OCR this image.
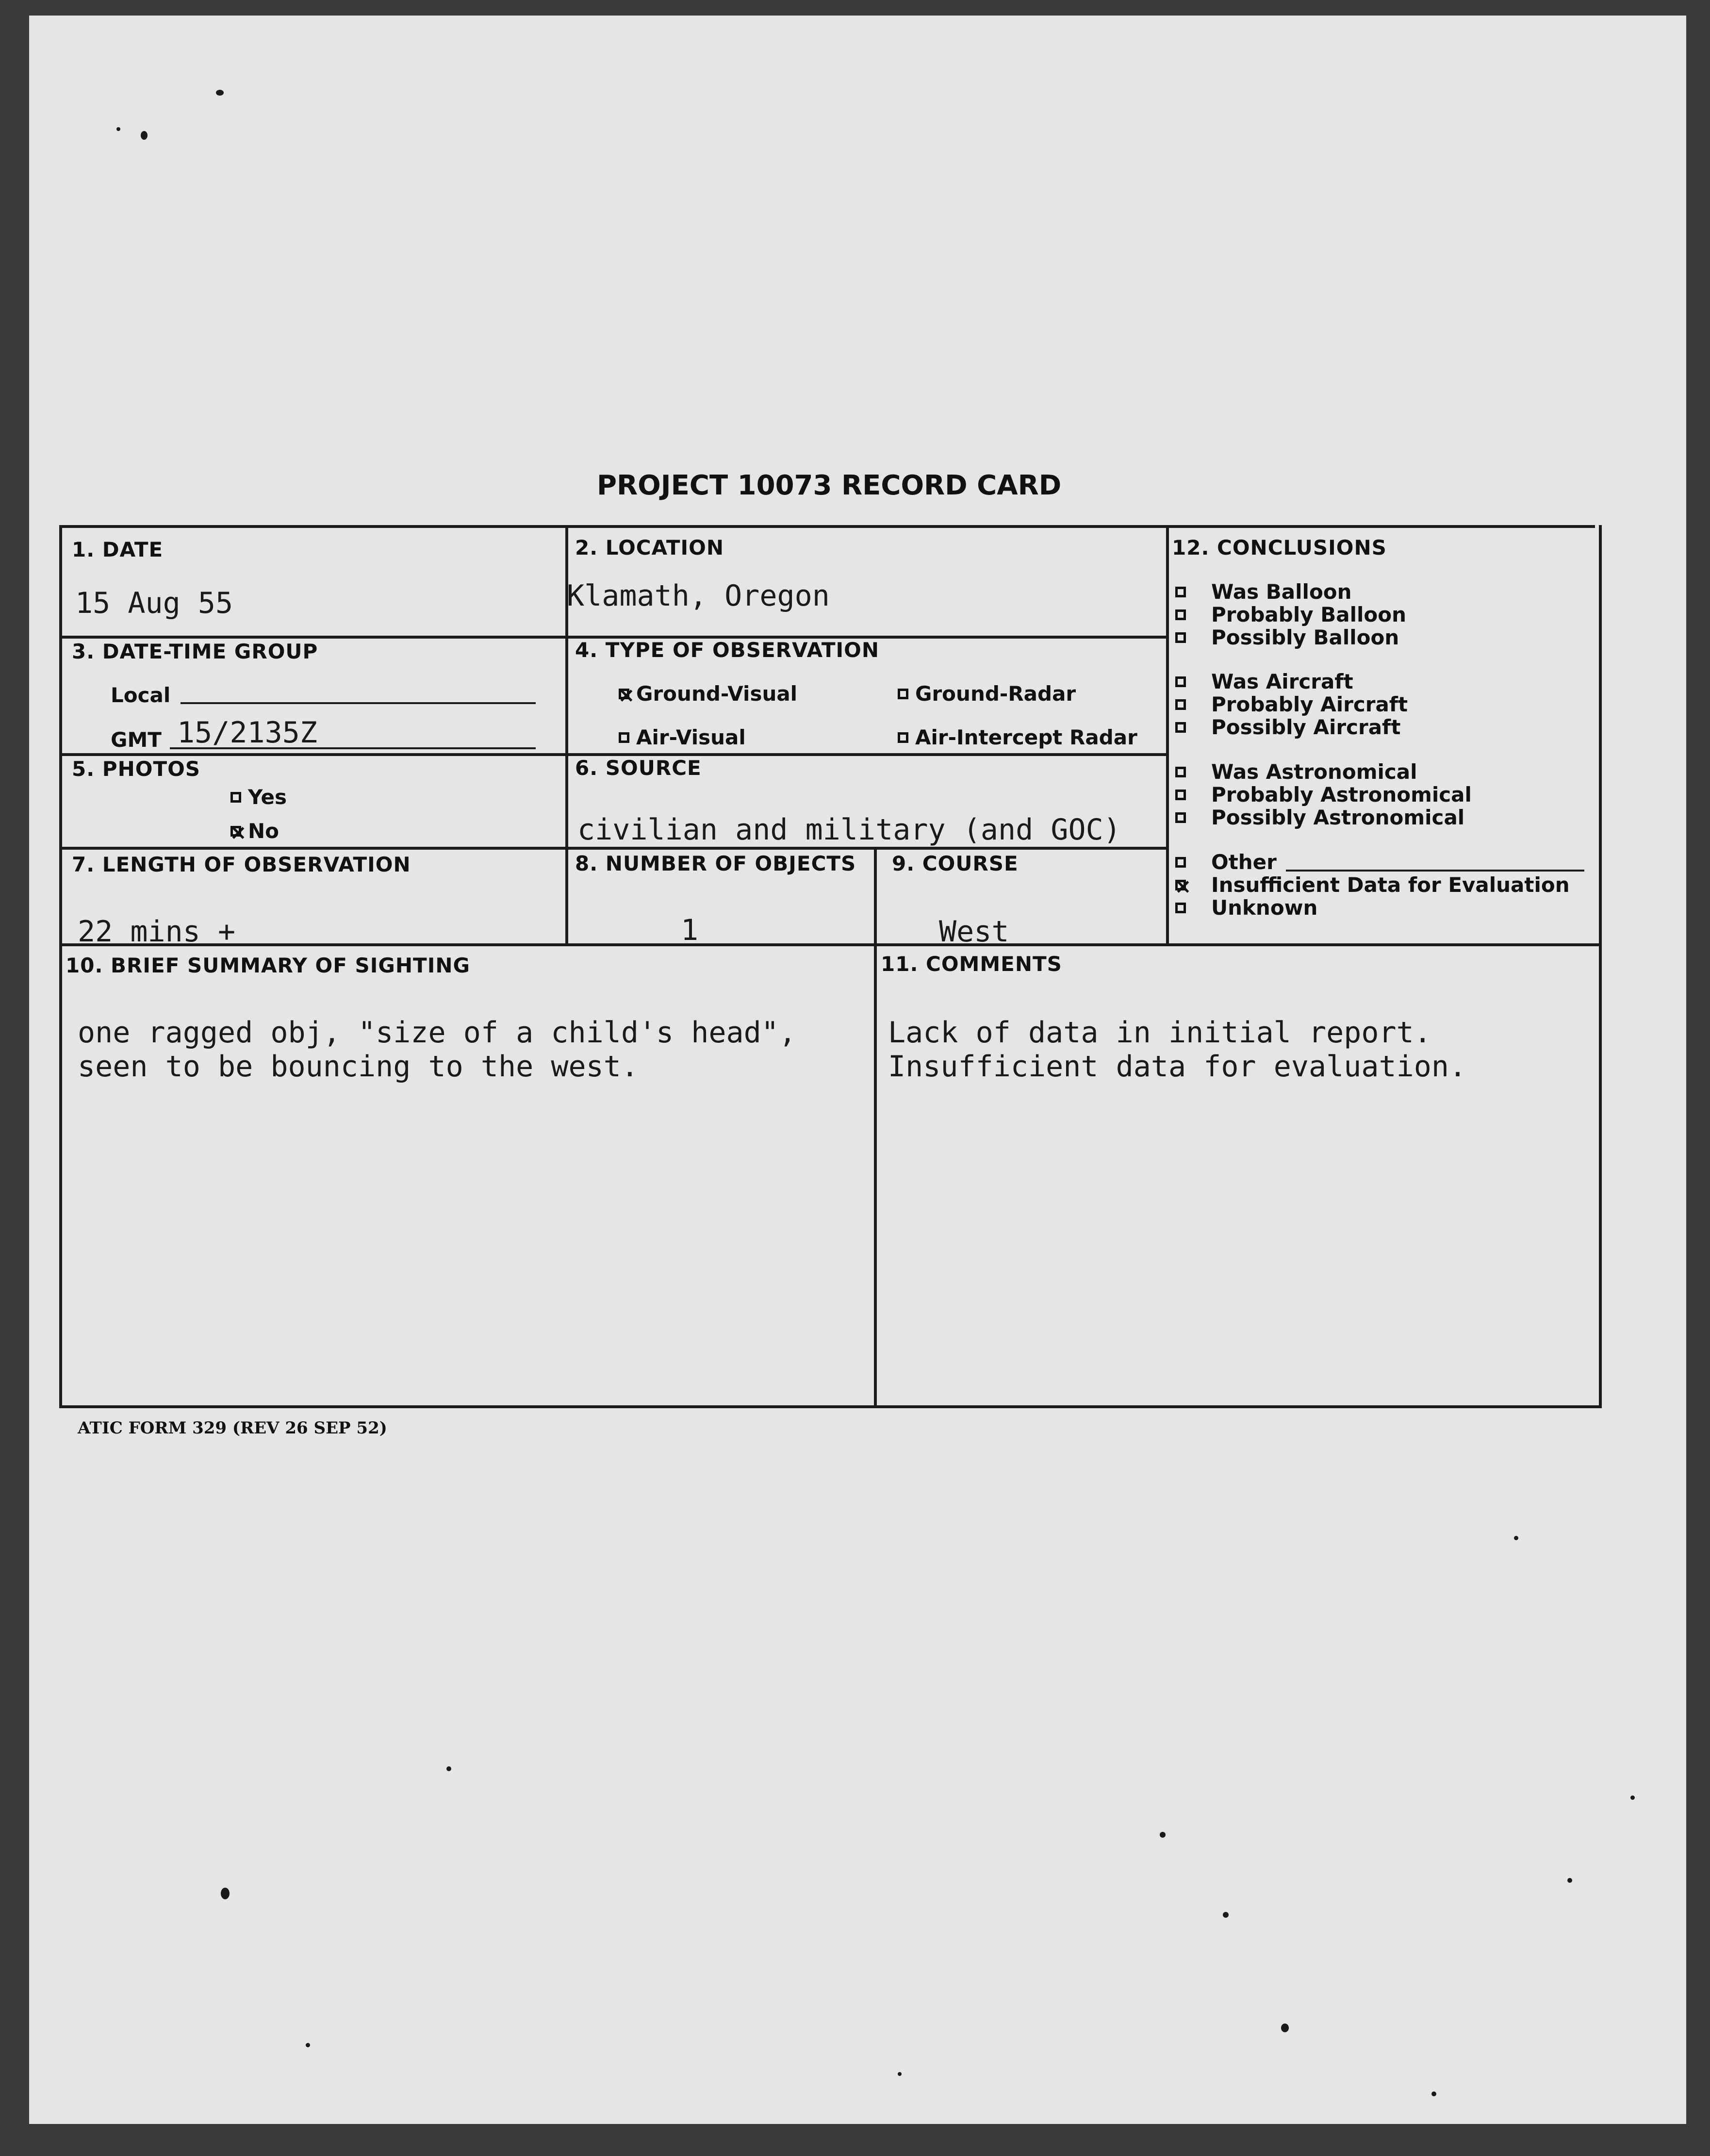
PROJECT 10073 RECORD CARD
1. DATE
15 Aug 55
2. LOCATION
Klamath, Oregon
3. DATE-TIME GROUP
Local
GMT 15/2135Z
4. TYPE OF OBSERVATION
Ground-Visual	Ground-Radar
Air-Visual	Air-Intercept Radar
5. PHOTOS
Yes
No
6. SOURCE
civilian and military (and GOC)
7. LENGTH OF OBSERVATION
22 mins +
8. NUMBER OF OBJECTS
1
9. COURSE
West
10. BRIEF SUMMARY OF SIGHTING
one ragged obj, "size of a child's head",
seen to be bouncing to the west.
11. COMMENTS
Lack of data in initial report.
Insufficient data for evaluation.
12. CONCLUSIONS
Was Balloon
Probably Balloon
Possibly Balloon
Was Aircraft
Probably Aircraft
Possibly Aircraft
Was Astronomical
Probably Astronomical
Possibly Astronomical
Other
Insufficient Data for Evaluation
Unknown
ATIC FORM 329 (REV 26 SEP 52)
